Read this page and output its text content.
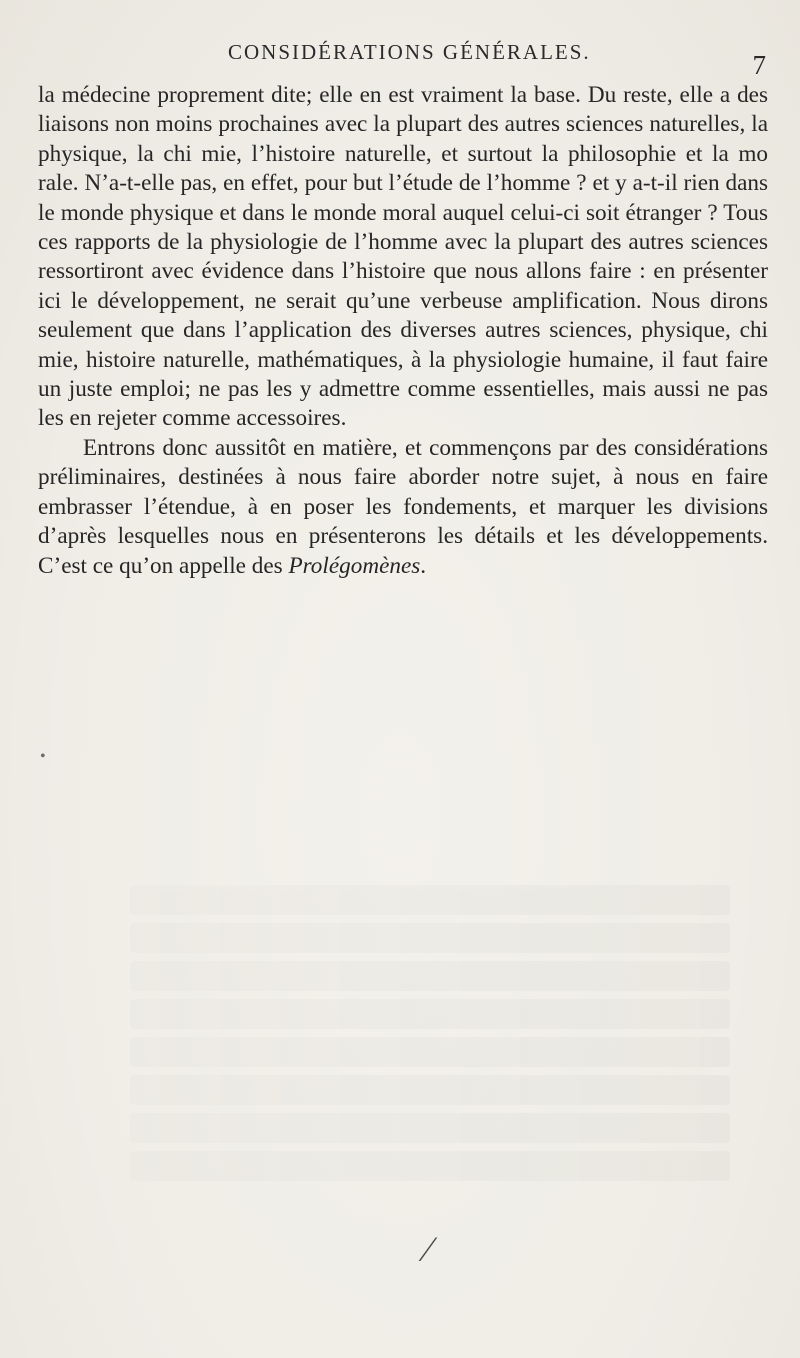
CONSIDÉRATIONS GÉNÉRALES.	7

la médecine proprement dite; elle en est vraiment la base. Du reste, elle a des liaisons non moins prochaines avec la plupart des autres sciences naturelles, la physique, la chi mie, l’histoire naturelle, et surtout la philosophie et la mo rale. N’a-t-elle pas, en effet, pour but l’étude de l’homme ? et y a-t-il rien dans le monde physique et dans le monde moral auquel celui-ci soit étranger ? Tous ces rapports de la physiologie de l’homme avec la plupart des autres sciences ressortiront avec évidence dans l’histoire que nous allons faire : en présenter ici le développement, ne serait qu’une verbeuse amplification. Nous dirons seulement que dans l’application des diverses autres sciences, physique, chi mie, histoire naturelle, mathématiques, à la physiologie humaine, il faut faire un juste emploi; ne pas les y admettre comme essentielles, mais aussi ne pas les en rejeter comme accessoires.

Entrons donc aussitôt en matière, et commençons par des considérations préliminaires, destinées à nous faire aborder notre sujet, à nous en faire embrasser l’étendue, à en poser les fondements, et marquer les divisions d’après lesquelles nous en présenterons les détails et les développements. C’est ce qu’on appelle des Prolégomènes.

•
⁄
